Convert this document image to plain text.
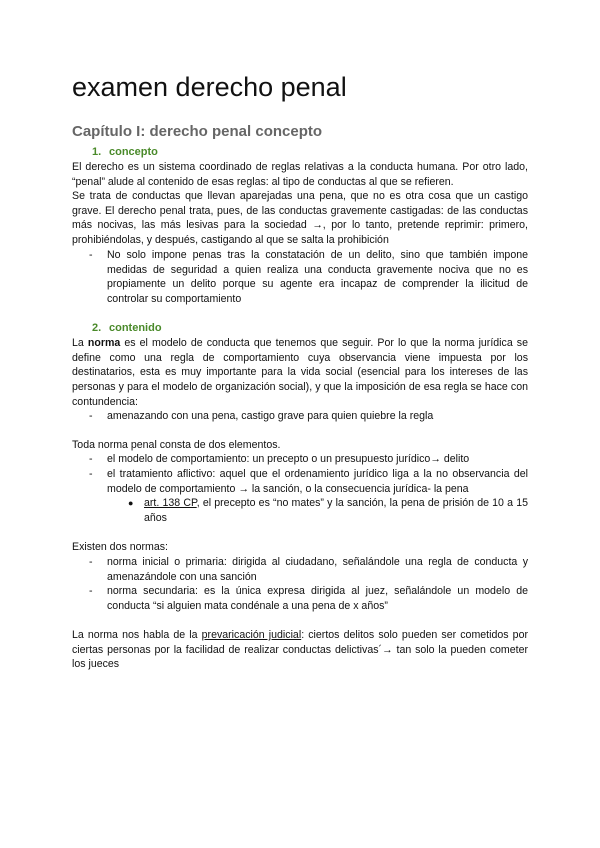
examen derecho penal
Capítulo I: derecho penal concepto
1. concepto

El derecho es un sistema coordinado de reglas relativas a la conducta humana. Por otro lado, “penal” alude al contenido de esas reglas: al tipo de conductas al que se refieren.

Se trata de conductas que llevan aparejadas una pena, que no es otra cosa que un castigo grave. El derecho penal trata, pues, de las conductas gravemente castigadas: de las conductas más nocivas, las más lesivas para la sociedad →, por lo tanto, pretende reprimir: primero, prohibiéndolas, y después, castigando al que se salta la prohibición

- No solo impone penas tras la constatación de un delito, sino que también impone medidas de seguridad a quien realiza una conducta gravemente nociva que no es propiamente un delito porque su agente era incapaz de comprender la ilicitud de controlar su comportamiento
2. contenido

La norma es el modelo de conducta que tenemos que seguir. Por lo que la norma jurídica se define como una regla de comportamiento cuya observancia viene impuesta por los destinatarios, esta es muy importante para la vida social (esencial para los intereses de las personas y para el modelo de organización social), y que la imposición de esa regla se hace con contundencia:

- amenazando con una pena, castigo grave para quien quiebre la regla

Toda norma penal consta de dos elementos.

- el modelo de comportamiento: un precepto o un presupuesto jurídico→ delito
- el tratamiento aflictivo: aquel que el ordenamiento jurídico liga a la no observancia del modelo de comportamiento → la sanción, o la consecuencia jurídica- la pena
● art. 138 CP, el precepto es “no mates” y la sanción, la pena de prisión de 10 a 15 años

Existen dos normas:

- norma inicial o primaria: dirigida al ciudadano, señalándole una regla de conducta y amenazándole con una sanción
- norma secundaria: es la única expresa dirigida al juez, señalándole un modelo de conducta “si alguien mata condénale a una pena de x años”

La norma nos habla de la prevaricación judicial: ciertos delitos solo pueden ser cometidos por ciertas personas por la facilidad de realizar conductas delictivas´→ tan solo la pueden cometer los jueces
